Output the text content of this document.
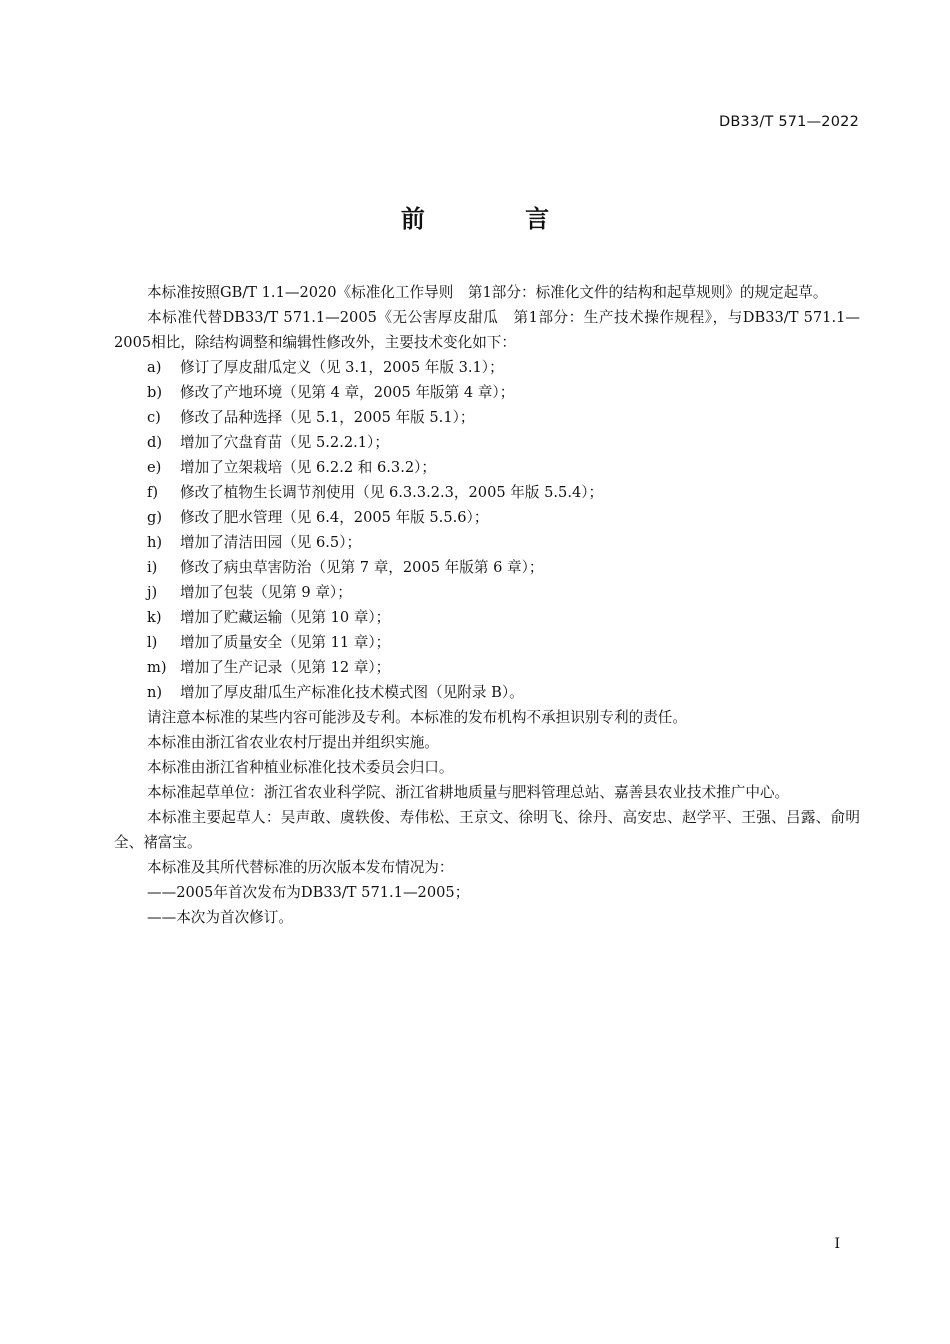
DB33/T 571—2022
前 言

本标准按照GB/T 1.1—2020《标准化工作导则　第1部分：标准化文件的结构和起草规则》的规定起草。

本标准代替DB33/T 571.1—2005《无公害厚皮甜瓜　第1部分：生产技术操作规程》，与DB33/T 571.1—2005相比，除结构调整和编辑性修改外，主要技术变化如下：

a)	修订了厚皮甜瓜定义（见 3.1，2005 年版 3.1）；
b)	修改了产地环境（见第 4 章，2005 年版第 4 章）；
c)	修改了品种选择（见 5.1，2005 年版 5.1）；
d)	增加了穴盘育苗（见 5.2.2.1）；
e)	增加了立架栽培（见 6.2.2 和 6.3.2）；
f)	修改了植物生长调节剂使用（见 6.3.3.2.3，2005 年版 5.5.4）；
g)	修改了肥水管理（见 6.4，2005 年版 5.5.6）；
h)	增加了清洁田园（见 6.5）；
i)	修改了病虫草害防治（见第 7 章，2005 年版第 6 章）；
j)	增加了包装（见第 9 章）；
k)	增加了贮藏运输（见第 10 章）；
l)	增加了质量安全（见第 11 章）；
m) 增加了生产记录（见第 12 章）；
n)	增加了厚皮甜瓜生产标准化技术模式图（见附录 B）。

请注意本标准的某些内容可能涉及专利。本标准的发布机构不承担识别专利的责任。

本标准由浙江省农业农村厅提出并组织实施。

本标准由浙江省种植业标准化技术委员会归口。

本标准起草单位：浙江省农业科学院、浙江省耕地质量与肥料管理总站、嘉善县农业技术推广中心。

本标准主要起草人：吴声敢、虞轶俊、寿伟松、王京文、徐明飞、徐丹、高安忠、赵学平、王强、吕露、俞明全、褚富宝。

本标准及其所代替标准的历次版本发布情况为：

——2005年首次发布为DB33/T 571.1—2005；

——本次为首次修订。

I
